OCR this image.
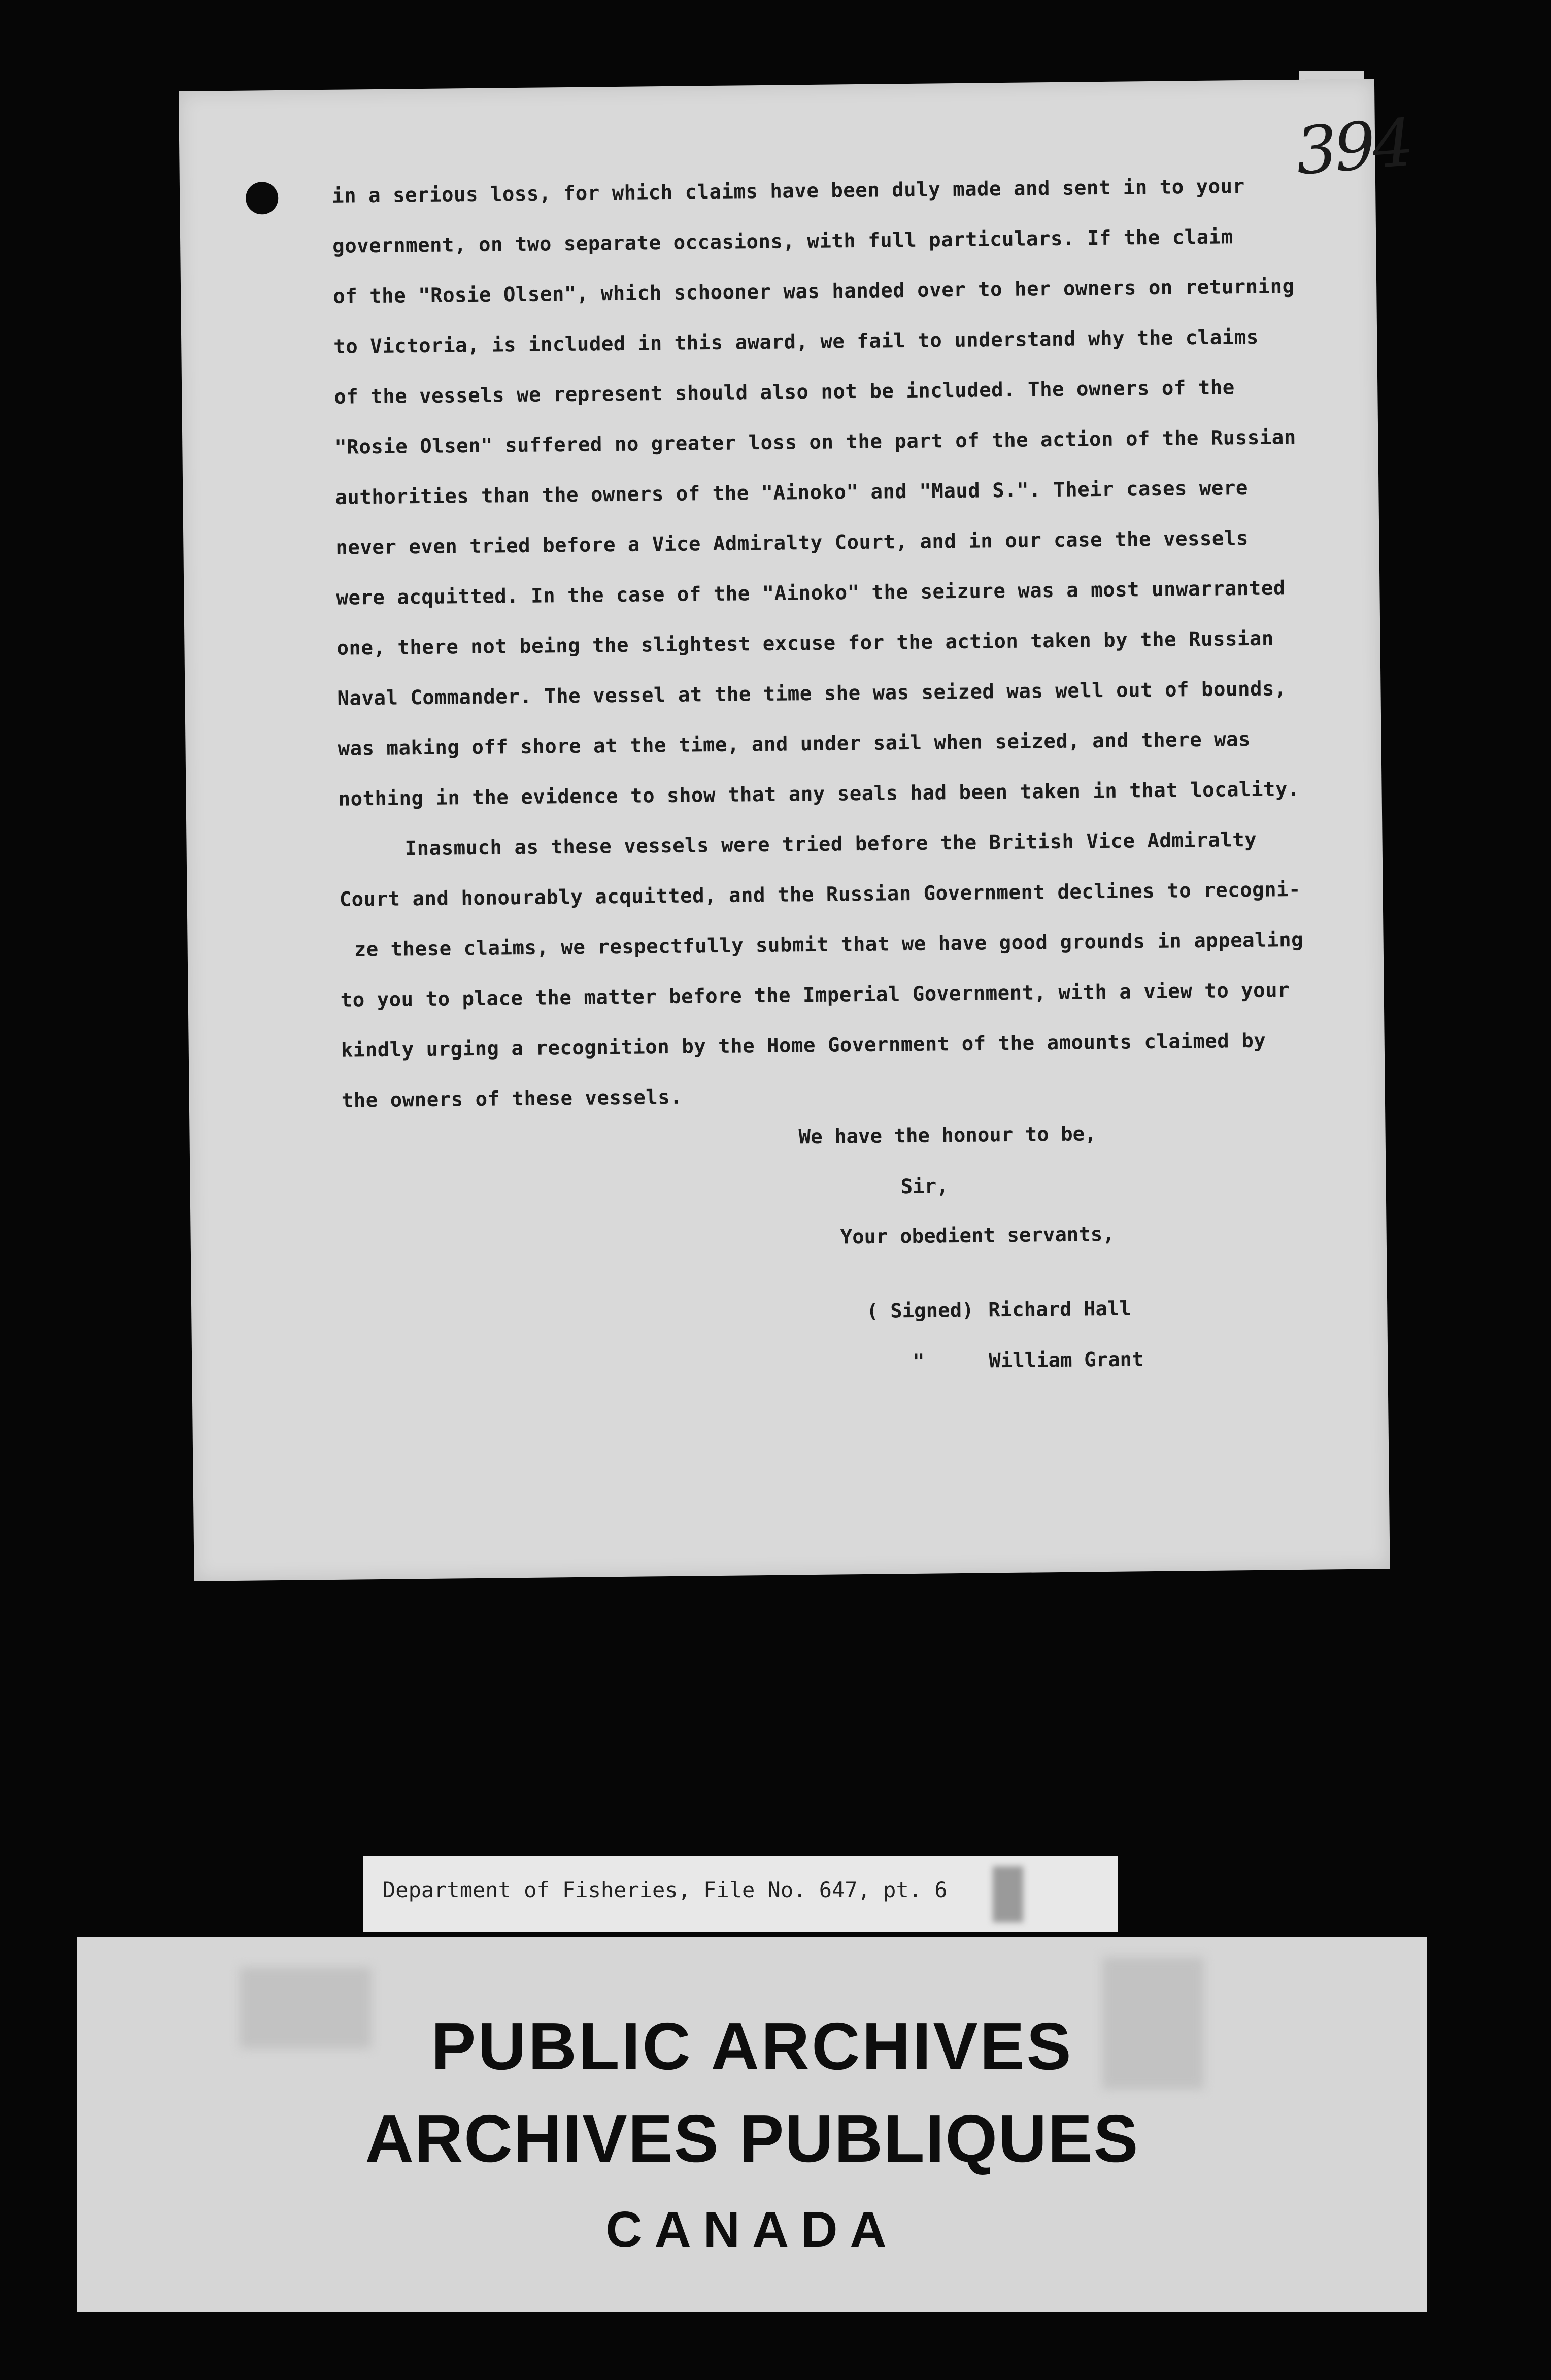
394
in a serious loss, for which claims have been duly made and sent in to your
government, on two separate occasions, with full particulars. If the claim
of the "Rosie Olsen", which schooner was handed over to her owners on returning
to Victoria, is included in this award, we fail to understand why the claims
of the vessels we represent should also not be included. The owners of the
"Rosie Olsen" suffered no greater loss on the part of the action of the Russian
authorities than the owners of the "Ainoko" and "Maud S.". Their cases were
never even tried before a Vice Admiralty Court, and in our case the vessels
were acquitted. In the case of the "Ainoko" the seizure was a most unwarranted
one, there not being the slightest excuse for the action taken by the Russian
Naval Commander. The vessel at the time she was seized was well out of bounds,
was making off shore at the time, and under sail when seized, and there was
nothing in the evidence to show that any seals had been taken in that locality.
Inasmuch as these vessels were tried before the British Vice Admiralty
Court and honourably acquitted, and the Russian Government declines to recogni-
ze these claims, we respectfully submit that we have good grounds in appealing
to you to place the matter before the Imperial Government, with a view to your
kindly urging a recognition by the Home Government of the amounts claimed by
the owners of these vessels.
We have the honour to be,
Sir,
Your obedient servants,
( Signed) Richard Hall
"	William Grant
Department of Fisheries, File No. 647, pt. 6
PUBLIC ARCHIVES
ARCHIVES PUBLIQUES
CANADA
